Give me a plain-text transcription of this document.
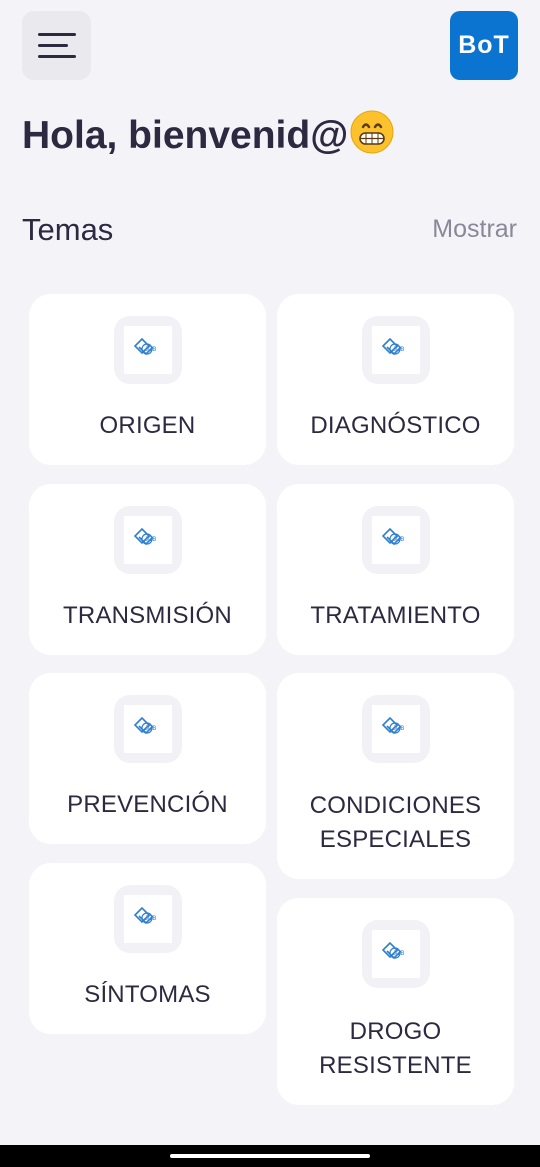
BoT
Hola, bienvenid@
Temas	Mostrar
JCB
ORIGEN
JCB
DIAGNÓSTICO
JCB
TRANSMISIÓN
JCB
TRATAMIENTO
JCB
PREVENCIÓN
JCB
CONDICIONES
ESPECIALES
JCB
SÍNTOMAS
JCB
DROGO
RESISTENTE
